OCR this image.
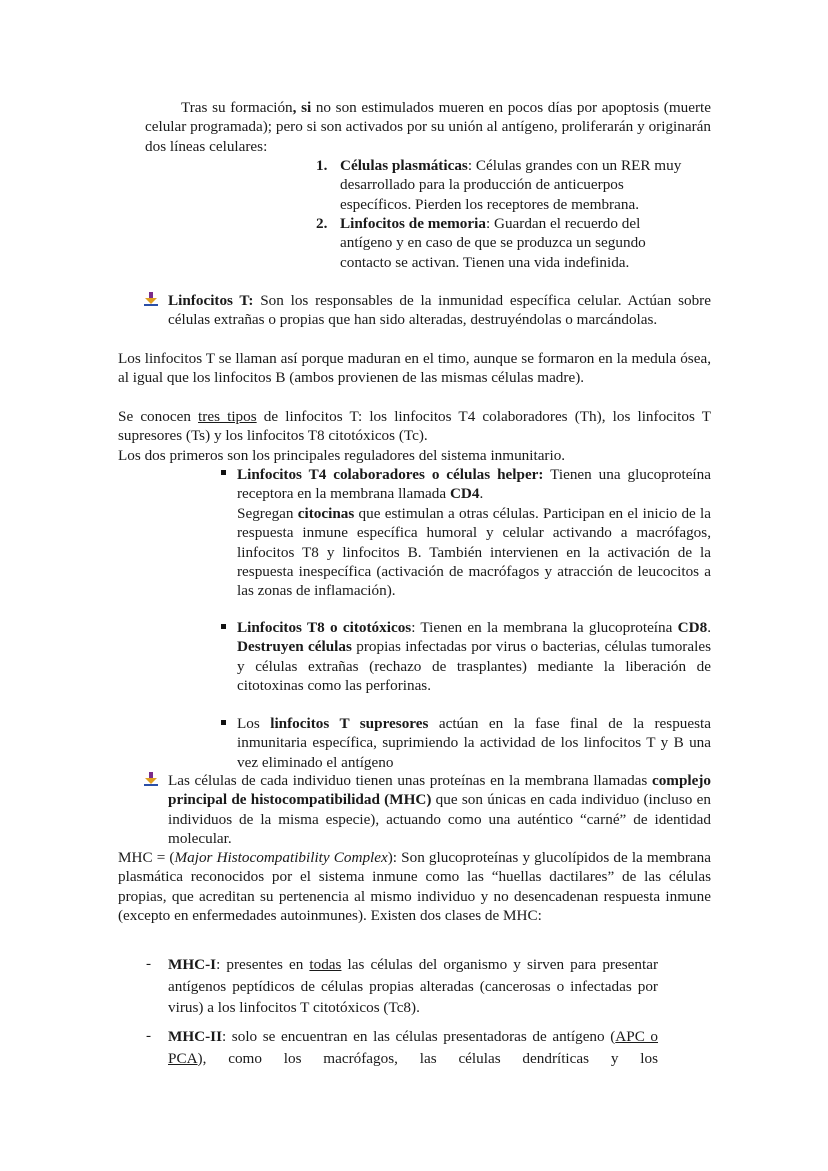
Tras su formación, si no son estimulados mueren en pocos días por apoptosis (muerte celular programada); pero si son activados por su unión al antígeno, proliferarán y originarán dos líneas celulares:
1. Células plasmáticas: Células grandes con un RER muy desarrollado para la producción de anticuerpos específicos. Pierden los receptores de membrana.
2. Linfocitos de memoria: Guardan el recuerdo del antígeno y en caso de que se produzca un segundo contacto se activan. Tienen una vida indefinida.
Linfocitos T: Son los responsables de la inmunidad específica celular. Actúan sobre células extrañas o propias que han sido alteradas, destruyéndolas o marcándolas.
Los linfocitos T se llaman así porque maduran en el timo, aunque se formaron en la medula ósea, al igual que los linfocitos B (ambos provienen de las mismas células madre).
Se conocen tres tipos de linfocitos T: los linfocitos T4 colaboradores (Th), los linfocitos T supresores (Ts) y los linfocitos T8 citotóxicos (Tc).
Los dos primeros son los principales reguladores del sistema inmunitario.
Linfocitos T4 colaboradores o células helper: Tienen una glucoproteína receptora en la membrana llamada CD4.
Segregan citocinas que estimulan a otras células. Participan en el inicio de la respuesta inmune específica humoral y celular activando a macrófagos, linfocitos T8 y linfocitos B. También intervienen en la activación de la respuesta inespecífica (activación de macrófagos y atracción de leucocitos a las zonas de inflamación).
Linfocitos T8 o citotóxicos: Tienen en la membrana la glucoproteína CD8. Destruyen células propias infectadas por virus o bacterias, células tumorales y células extrañas (rechazo de trasplantes) mediante la liberación de citotoxinas como las perforinas.
Los linfocitos T supresores actúan en la fase final de la respuesta inmunitaria específica, suprimiendo la actividad de los linfocitos T y B una vez eliminado el antígeno
Las células de cada individuo tienen unas proteínas en la membrana llamadas complejo principal de histocompatibilidad (MHC) que son únicas en cada individuo (incluso en individuos de la misma especie), actuando como una auténtico “carné” de identidad molecular.
MHC = (Major Histocompatibility Complex): Son glucoproteínas y glucolípidos de la membrana plasmática reconocidos por el sistema inmune como las “huellas dactilares” de las células propias, que acreditan su pertenencia al mismo individuo y no desencadenan respuesta inmune (excepto en enfermedades autoinmunes). Existen dos clases de MHC:
- MHC-I: presentes en todas las células del organismo y sirven para presentar antígenos peptídicos de células propias alteradas (cancerosas o infectadas por virus) a los linfocitos T citotóxicos (Tc8).
- MHC-II: solo se encuentran en las células presentadoras de antígeno (APC o PCA), como los macrófagos, las células dendríticas y los
